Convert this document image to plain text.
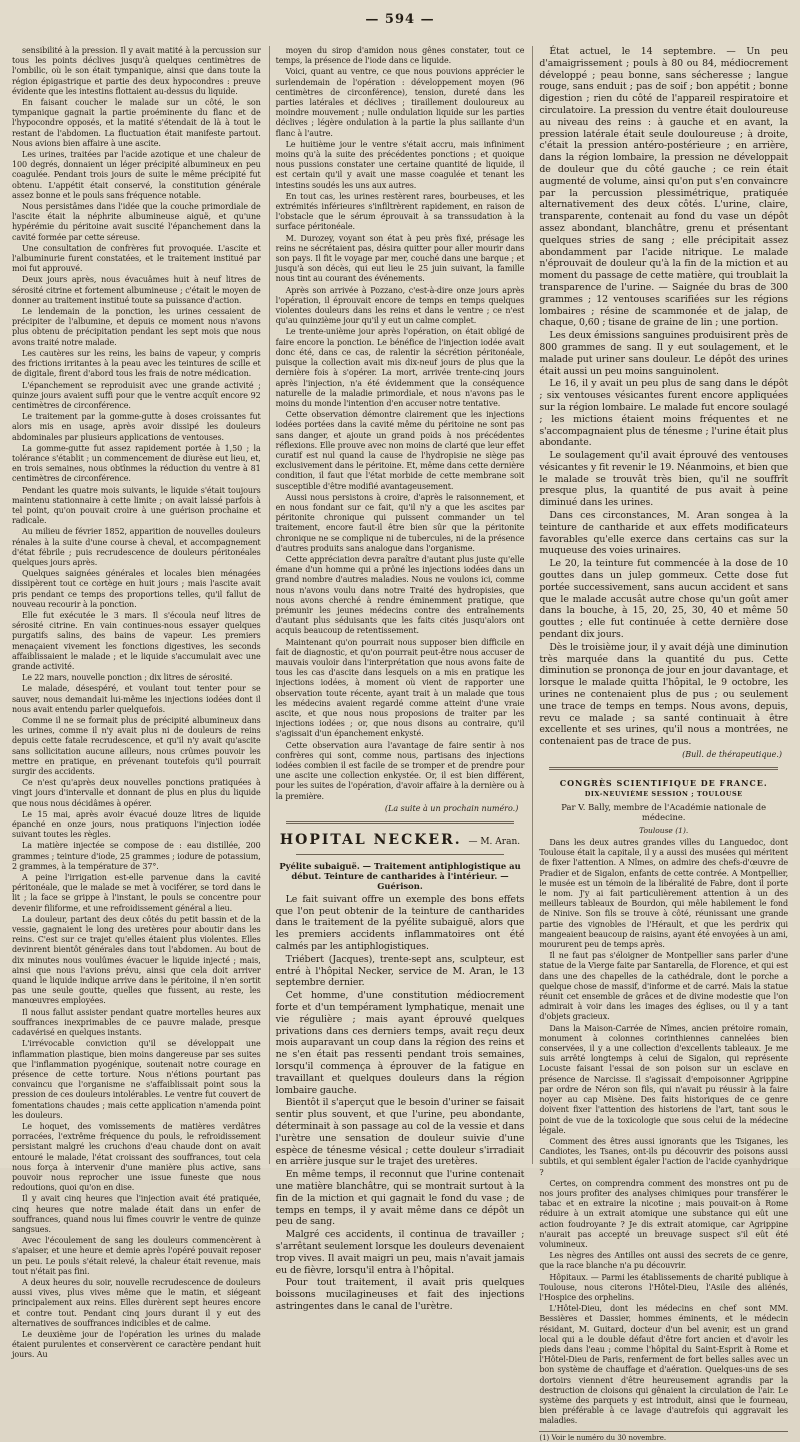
— 594 —

sensibilité à la pression. Il y avait matité à la percussion sur tous les points déclives jusqu'à quelques centimètres de l'ombilic, où le son était tympanique, ainsi que dans toute la région épigastrique et partie des deux hypocondres : preuve évidente que les intestins flottaient au-dessus du liquide.

En faisant coucher le malade sur un côté, le son tympanique gagnait la partie proéminente du flanc et de l'hypocondre opposés, et la matité s'étendait de là à tout le restant de l'abdomen. La fluctuation était manifeste partout. Nous avions bien affaire à une ascite.

Les urines, traitées par l'acide azotique et une chaleur de 100 degrés, donnaient un léger précipité albumineux en peu coagulée. Pendant trois jours de suite le même précipité fut obtenu. L'appétit était conservé, la constitution générale assez bonne et le pouls sans fréquence notable.

Nous persistâmes dans l'idée que la couche primordiale de l'ascite était la néphrite albumineuse aiguë, et qu'une hypérémie du péritoine avait suscité l'épanchement dans la cavité formée par cette séreuse.

Une consultation de confrères fut provoquée. L'ascite et l'albuminurie furent constatées, et le traitement institué par moi fut approuvé.

Deux jours après, nous évacuâmes huit à neuf litres de sérosité citrine et fortement albumineuse ; c'était le moyen de donner au traitement institué toute sa puissance d'action.

Le lendemain de la ponction, les urines cessaient de précipiter de l'albumine, et depuis ce moment nous n'avons plus obtenu de précipitation pendant les sept mois que nous avons traité notre malade.

Les cautères sur les reins, les bains de vapeur, y compris des frictions irritantes à la peau avec les teintures de scille et de digitale, firent d'abord tous les frais de notre médication.

L'épanchement se reproduisit avec une grande activité ; quinze jours avaient suffi pour que le ventre acquît encore 92 centimètres de circonférence.

Le traitement par la gomme-gutte à doses croissantes fut alors mis en usage, après avoir dissipé les douleurs abdominales par plusieurs applications de ventouses.

La gomme-gutte fut assez rapidement portée à 1,50 ; la tolérance s'établit ; un commencement de diurèse eut lieu, et, en trois semaines, nous obtînmes la réduction du ventre à 81 centimètres de circonférence.

Pendant les quatre mois suivants, le liquide s'était toujours maintenu stationnaire à cette limite ; on avait laissé parfois à tel point, qu'on pouvait croire à une guérison prochaine et radicale.

Au milieu de février 1852, apparition de nouvelles douleurs rénales à la suite d'une course à cheval, et accompagnement d'état fébrile ; puis recrudescence de douleurs péritonéales quelques jours après.

Quelques saignées générales et locales bien ménagées dissipèrent tout ce cortège en huit jours ; mais l'ascite avait pris pendant ce temps des proportions telles, qu'il fallut de nouveau recourir à la ponction.

Elle fut exécutée le 3 mars. Il s'écoula neuf litres de sérosité citrine. En vain continues-nous essayer quelques purgatifs salins, des bains de vapeur. Les premiers menaçaient vivement les fonctions digestives, les seconds affaiblissaient le malade ; et le liquide s'accumulait avec une grande activité.

Le 22 mars, nouvelle ponction ; dix litres de sérosité.

Le malade, désespéré, et voulant tout tenter pour se sauver, nous demandait lui-même les injections iodées dont il nous avait entendu parler quelquefois.

Comme il ne se formait plus de précipité albumineux dans les urines, comme il n'y avait plus ni de douleurs de reins depuis cette fatale recrudescence, et qu'il n'y avait qu'ascite sans sollicitation aucune ailleurs, nous crûmes pouvoir les mettre en pratique, en prévenant toutefois qu'il pourrait surgir des accidents.

Ce n'est qu'après deux nouvelles ponctions pratiquées à vingt jours d'intervalle et donnant de plus en plus du liquide que nous nous décidâmes à opérer.

Le 15 mai, après avoir évacué douze litres de liquide épanché en onze jours, nous pratiquons l'injection iodée suivant toutes les règles.

La matière injectée se compose de : eau distillée, 200 grammes ; teinture d'iode, 25 grammes ; iodure de potassium, 2 grammes, à la température de 37°.

A peine l'irrigation est-elle parvenue dans la cavité péritonéale, que le malade se met à vociférer, se tord dans le lit ; la face se grippe à l'instant, le pouls se concentre pour devenir filiforme, et une refroidissement général a lieu.

La douleur, partant des deux côtés du petit bassin et de la vessie, gagnaient le long des uretères pour aboutir dans les reins. C'est sur ce trajet qu'elles étaient plus violentes. Elles devinrent bientôt générales dans tout l'abdomen. Au bout de dix minutes nous voulûmes évacuer le liquide injecté ; mais, ainsi que nous l'avions prévu, ainsi que cela doit arriver quand le liquide indique arrive dans le péritoine, il n'en sortit pas une seule goutte, quelles que fussent, au reste, les manœuvres employées.

Il nous fallut assister pendant quatre mortelles heures aux souffrances inexprimables de ce pauvre malade, presque cadavérisé en quelques instants.

L'irrévocable conviction qu'il se développait une inflammation plastique, bien moins dangereuse par ses suites que l'inflammation pyogénique, soutenait notre courage en présence de cette torture. Nous n'étions pourtant pas convaincu que l'organisme ne s'affaiblissait point sous la pression de ces douleurs intolérables. Le ventre fut couvert de fomentations chaudes ; mais cette application n'amenda point les douleurs.

Le hoquet, des vomissements de matières verdâtres porracées, l'extrême fréquence du pouls, le refroidissement persistant malgré les cruchons d'eau chaude dont on avait entouré le malade, l'état croissant des souffrances, tout cela nous força à intervenir d'une manière plus active, sans pouvoir nous reprocher une issue funeste que nous redoutions, quoi qu'on en dise.

Il y avait cinq heures que l'injection avait été pratiquée, cinq heures que notre malade était dans un enfer de souffrances, quand nous lui fîmes couvrir le ventre de quinze sangsues.

Avec l'écoulement de sang les douleurs commencèrent à s'apaiser, et une heure et demie après l'opéré pouvait reposer un peu. Le pouls s'était relevé, la chaleur était revenue, mais tout n'était pas fini.

A deux heures du soir, nouvelle recrudescence de douleurs aussi vives, plus vives même que le matin, et siégeant principalement aux reins. Elles durèrent sept heures encore et contre tout. Pendant cinq jours durant il y eut des alternatives de souffrances indicibles et de calme.

Le deuxième jour de l'opération les urines du malade étaient purulentes et conservèrent ce caractère pendant huit jours. Au

moyen du sirop d'amidon nous gênes constater, tout ce temps, la présence de l'iode dans ce liquide.

Voici, quant au ventre, ce que nous pouvions apprécier le surlendemain de l'opération : développement moyen (96 centimètres de circonférence), tension, dureté dans les parties latérales et déclives ; tiraillement douloureux au moindre mouvement ; nulle ondulation liquide sur les parties déclives ; légère ondulation à la partie la plus saillante d'un flanc à l'autre.

Le huitième jour le ventre s'était accru, mais infiniment moins qu'à la suite des précédentes ponctions ; et quoique nous pussions constater une certaine quantité de liquide, il est certain qu'il y avait une masse coagulée et tenant les intestins soudés les uns aux autres.

En tout cas, les urines restèrent rares, bourbeuses, et les extrémités inférieures s'infiltrèrent rapidement, en raison de l'obstacle que le sérum éprouvait à sa transsudation à la surface péritonéale.

M. Durozey, voyant son état à peu près fixé, présage les reins ne sécrétaient pas, désira quitter pour aller mourir dans son pays. Il fit le voyage par mer, couché dans une barque ; et jusqu'à son décès, qui eut lieu le 25 juin suivant, la famille nous tint au courant des événements.

Après son arrivée à Pozzano, c'est-à-dire onze jours après l'opération, il éprouvait encore de temps en temps quelques violentes douleurs dans les reins et dans le ventre ; ce n'est qu'au quinzième jour qu'il y eut un calme complet.

Le trente-unième jour après l'opération, on était obligé de faire encore la ponction. Le bénéfice de l'injection iodée avait donc été, dans ce cas, de ralentir la sécrétion péritonéale, puisque la collection avait mis dix-neuf jours de plus que la dernière fois à s'opérer. La mort, arrivée trente-cinq jours après l'injection, n'a été évidemment que la conséquence naturelle de la maladie primordiale, et nous n'avons pas le moins du monde l'intention d'en accuser notre tentative.

Cette observation démontre clairement que les injections iodées portées dans la cavité même du péritoine ne sont pas sans danger, et ajoute un grand poids à nos précédentes réflexions. Elle prouve avec non moins de clarté que leur effet curatif est nul quand la cause de l'hydropisie ne siège pas exclusivement dans le péritoine. Et, même dans cette dernière condition, il faut que l'état morbide de cette membrane soit susceptible d'être modifié avantageusement.

Aussi nous persistons à croire, d'après le raisonnement, et en nous fondant sur ce fait, qu'il n'y a que les ascites par péritonite chronique qui puissent commander un tel traitement, encore faut-il être bien sûr que la péritonite chronique ne se complique ni de tubercules, ni de la présence d'autres produits sans analogue dans l'organisme.

Cette appréciation devra paraître d'autant plus juste qu'elle émane d'un homme qui a prôné les injections iodées dans un grand nombre d'autres maladies. Nous ne voulons ici, comme nous n'avons voulu dans notre Traité des hydropisies, que nous avons cherché à rendre éminemment pratique, que prémunir les jeunes médecins contre des entraînements d'autant plus séduisants que les faits cités jusqu'alors ont acquis beaucoup de retentissement.

Maintenant qu'on pourrait nous supposer bien difficile en fait de diagnostic, et qu'on pourrait peut-être nous accuser de mauvais vouloir dans l'interprétation que nous avons faite de tous les cas d'ascite dans lesquels on a mis en pratique les injections iodées, à moment où vient de rapporter une observation toute récente, ayant trait à un malade que tous les médecins avaient regardé comme atteint d'une vraie ascite, et que nous nous proposions de traiter par les injections iodées ; or, que nous disons au contraire, qu'il s'agissait d'un épanchement enkysté.

Cette observation aura l'avantage de faire sentir à nos confrères qui sont, comme nous, partisans des injections iodées combien il est facile de se tromper et de prendre pour une ascite une collection enkystée. Or, il est bien différent, pour les suites de l'opération, d'avoir affaire à la dernière ou à la première.

(La suite à un prochain numéro.)
HOPITAL NECKER. — M. Aran.
Pyélite subaiguë. — Traitement antiphlogistique au début. Teinture de cantharides à l'intérieur. — Guérison.

Le fait suivant offre un exemple des bons effets que l'on peut obtenir de la teinture de cantharides dans le traitement de la pyélite subaiguë, alors que les premiers accidents inflammatoires ont été calmés par les antiphlogistiques.

Triébert (Jacques), trente-sept ans, sculpteur, est entré à l'hôpital Necker, service de M. Aran, le 13 septembre dernier.

Cet homme, d'une constitution médiocrement forte et d'un tempérament lymphatique, menait une vie régulière ; mais ayant éprouvé quelques privations dans ces derniers temps, avait reçu deux mois auparavant un coup dans la région des reins et ne s'en était pas ressenti pendant trois semaines, lorsqu'il commença à éprouver de la fatigue en travaillant et quelques douleurs dans la région lombaire gauche.

Bientôt il s'aperçut que le besoin d'uriner se faisait sentir plus souvent, et que l'urine, peu abondante, déterminait à son passage au col de la vessie et dans l'urètre une sensation de douleur suivie d'une espèce de ténesme vésical ; cette douleur s'irradiait en arrière jusque sur le trajet des uretères.

En même temps, il reconnut que l'urine contenait une matière blanchâtre, qui se montrait surtout à la fin de la miction et qui gagnait le fond du vase ; de temps en temps, il y avait même dans ce dépôt un peu de sang.

Malgré ces accidents, il continua de travailler ; s'arrêtant seulement lorsque les douleurs devenaient trop vives. Il avait maigri un peu, mais n'avait jamais eu de fièvre, lorsqu'il entra à l'hôpital.

Pour tout traitement, il avait pris quelques boissons mucilagineuses et fait des injections astringentes dans le canal de l'urètre.

État actuel, le 14 septembre. — Un peu d'amaigrissement ; pouls à 80 ou 84, médiocrement développé ; peau bonne, sans sécheresse ; langue rouge, sans enduit ; pas de soif ; bon appétit ; bonne digestion ; rien du côté de l'appareil respiratoire et circulatoire. La pression du ventre était douloureuse au niveau des reins : à gauche et en avant, la pression latérale était seule douloureuse ; à droite, c'était la pression antéro-postérieure ; en arrière, dans la région lombaire, la pression ne développait de douleur que du côté gauche ; ce rein était augmenté de volume, ainsi qu'on put s'en convaincre par la percussion plessimétrique, pratiquée alternativement des deux côtés. L'urine, claire, transparente, contenait au fond du vase un dépôt assez abondant, blanchâtre, grenu et présentant quelques stries de sang ; elle précipitait assez abondamment par l'acide nitrique. Le malade n'éprouvait de douleur qu'à la fin de la miction et au moment du passage de cette matière, qui troublait la transparence de l'urine. — Saignée du bras de 300 grammes ; 12 ventouses scarifiées sur les régions lombaires ; résine de scammonée et de jalap, de chaque, 0,60 ; tisane de graine de lin ; une portion.

Les deux émissions sanguines produisirent près de 800 grammes de sang. Il y eut soulagement, et le malade put uriner sans douleur. Le dépôt des urines était aussi un peu moins sanguinolent.

Le 16, il y avait un peu plus de sang dans le dépôt ; six ventouses vésicantes furent encore appliquées sur la région lombaire. Le malade fut encore soulagé ; les mictions étaient moins fréquentes et ne s'accompagnaient plus de ténesme ; l'urine était plus abondante.

Le soulagement qu'il avait éprouvé des ventouses vésicantes y fit revenir le 19. Néanmoins, et bien que le malade se trouvât très bien, qu'il ne souffrît presque plus, la quantité de pus avait à peine diminué dans les urines.

Dans ces circonstances, M. Aran songea à la teinture de cantharide et aux effets modificateurs favorables qu'elle exerce dans certains cas sur la muqueuse des voies urinaires.

Le 20, la teinture fut commencée à la dose de 10 gouttes dans un julep gommeux. Cette dose fut portée successivement, sans aucun accident et sans que le malade accusât autre chose qu'un goût amer dans la bouche, à 15, 20, 25, 30, 40 et même 50 gouttes ; elle fut continuée à cette dernière dose pendant dix jours.

Dès le troisième jour, il y avait déjà une diminution très marquée dans la quantité du pus. Cette diminution se prononça de jour en jour davantage, et lorsque le malade quitta l'hôpital, le 9 octobre, les urines ne contenaient plus de pus ; ou seulement une trace de temps en temps. Nous avons, depuis, revu ce malade ; sa santé continuait à être excellente et ses urines, qu'il nous a montrées, ne contenaient pas de trace de pus.

(Bull. de thérapeutique.)
CONGRÈS SCIENTIFIQUE DE FRANCE.
DIX-NEUVIÈME SESSION ; TOULOUSE
Par V. Bally, membre de l'Académie nationale de médecine.
Toulouse (1).

Dans les deux autres grandes villes du Languedoc, dont Toulouse était la capitale, il y a aussi des musées qui méritent de fixer l'attention. A Nîmes, on admire des chefs-d'œuvre de Pradier et de Sigalon, enfants de cette contrée. A Montpellier, le musée est un témoin de la libéralité de Fabre, dont il porte le nom. J'y ai fait particulièrement attention à un des meilleurs tableaux de Bourdon, qui mêle habilement le fond de Ninive. Son fils se trouve à côté, réunissant une grande partie des vignobles de l'Hérault, et que les perdrix qui mangeaient beaucoup de raisins, ayant été envoyées à un ami, moururent peu de temps après.

Il ne faut pas s'éloigner de Montpellier sans parler d'une statue de la Vierge faite par Santarella, de Florence, et qui est dans une des chapelles de la cathédrale, dont le porche a quelque chose de massif, d'informe et de carré. Mais la statue réunit cet ensemble de grâces et de divine modestie que l'on admirait à voir dans les images des églises, ou il y a tant d'objets gracieux.

Dans la Maison-Carrée de Nîmes, ancien prétoire romain, monument à colonnes corinthiennes cannelées bien conservées, il y a une collection d'excellents tableaux. Je me suis arrêté longtemps à celui de Sigalon, qui représente Locuste faisant l'essai de son poison sur un esclave en présence de Narcisse. Il s'agissait d'empoisonner Agrippine par ordre de Néron son fils, qui n'avait pu réussir à la faire noyer au cap Misène. Des faits historiques de ce genre doivent fixer l'attention des historiens de l'art, tant sous le point de vue de la toxicologie que sous celui de la médecine légale.

Comment des êtres aussi ignorants que les Tsiganes, les Candiotes, les Tsanes, ont-ils pu découvrir des poisons aussi subtils, et qui semblent égaler l'action de l'acide cyanhydrique ?

Certes, on comprendra comment des monstres ont pu de nos jours profiter des analyses chimiques pour transférer le tabac et en extraire la nicotine ; mais pouvait-on à Rome réduire à un extrait atomique une substance qui eût une action foudroyante ? Je dis extrait atomique, car Agrippine n'aurait pas accepté un breuvage suspect s'il eût été volumineux.

Les nègres des Antilles ont aussi des secrets de ce genre, que la race blanche n'a pu découvrir.

Hôpitaux. — Parmi les établissements de charité publique à Toulouse, nous citerons l'Hôtel-Dieu, l'Asile des aliénés, l'Hospice des orphelins.

L'Hôtel-Dieu, dont les médecins en chef sont MM. Bessières et Dassier, hommes éminents, et le médecin résidant, M. Guitard, docteur d'un bel avenir, est un grand local qui a le double défaut d'être fort ancien et d'avoir les pieds dans l'eau ; comme l'hôpital du Saint-Esprit à Rome et l'Hôtel-Dieu de Paris, renferment de fort belles salles avec un bon système de chauffage et d'aération. Quelques-uns de ses dortoirs viennent d'être heureusement agrandis par la destruction de cloisons qui gênaient la circulation de l'air. Le système des parquets y est introduit, ainsi que le fourneau, bien préférable à ce lavage d'autrefois qui aggravait les maladies.

(1) Voir le numéro du 30 novembre.
